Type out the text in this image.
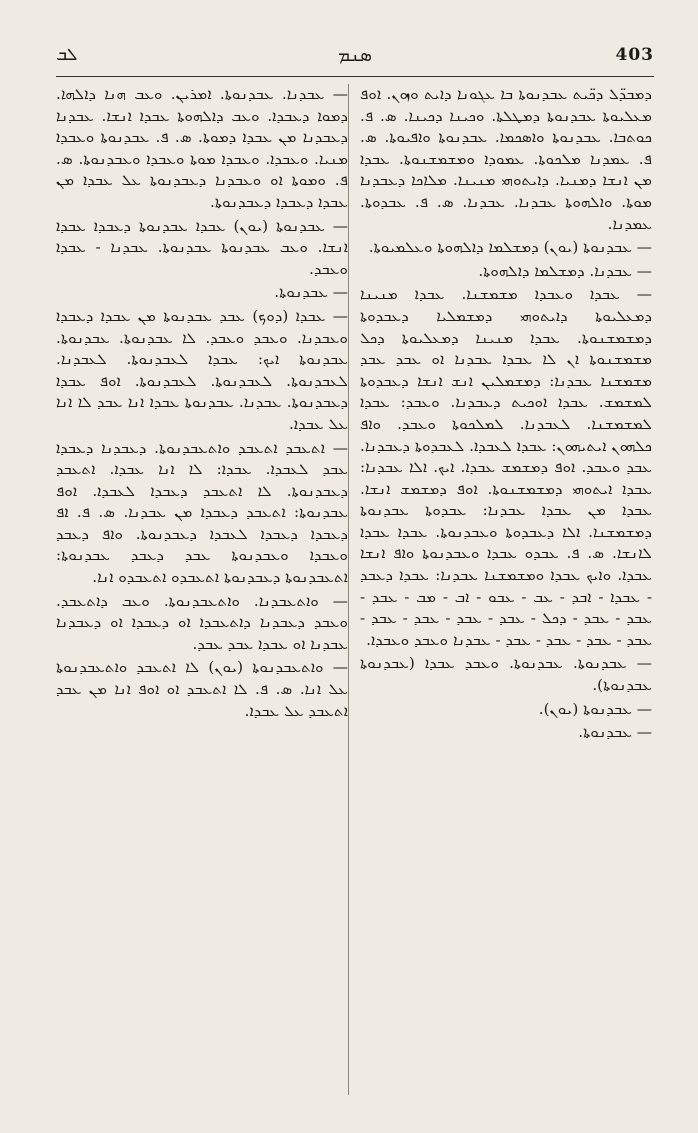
ܠܒ	ܣܢܡ	403

ܕܡܒܕ̈ܠ ܕܟ̈ܝܬ ܥܒܕܢܘܬܐ ܒܐ ܥܓܘܢܐ ܕܐܝܬ ܘܙܘܢ. ܐܘܦ ܡܥܠܝܘܬܐ ܥܒܕܢܘܬܐ ܕܡܛܠܬܐ. ܘܟܝܢܐ ܕܟܝܢܐ. ܣ. ܦ. ܟܘܬܒܐ. ܥܒܕܢܘܬܐ ܘܐܣܟܡܐ. ܥܒܕܢܘܬܐ ܘܐܦܝܘܬܐ. ܣ. ܦ. ܥܡܕܢܐ ܡܠܟܘܬܐ. ܥܡܘܕܐ ܘܡܫܡܫܢܘܬܐ. ܥܒܕܐ ܡܢ ܐܢܫܐ ܕܡܢܝܐ. ܕܐܝܬܘܗܝ ܡܢܝܢܐ. ܡܠܐܟܐ ܕܥܒܕܢܐ ܡܘܬܐ. ܘܐܠܗܘܬܐ ܥܒܕܢܐ. ܥܒܕܢܐ. ܣ. ܦ. ܥܒܕܘܬܐ. ܥܡܕܢܐ.

— ܥܒܕܢܘܬܐ (ܝܘܢ) ܕܡܫܠܡܐ ܕܐܠܗܘܬܐ ܘܥܠܡܝܘܬܐ.

— ܥܒܕܢܐ. ܕܡܫܠܡܐ ܕܐܠܗܘܬܐ.

— ܥܒܕܐ ܘܥܒܕܐ ܡܫܡܫܢܐ. ܥܒܕܐ ܡܢܝܢܐ ܕܡܥܠܝܘܬܐ ܕܐܝܬܘܗܝ ܕܡܫܡܠܝܐ ܕܥܒܕܘܬܐ ܕܡܫܡܫܢܘܬܐ. ܥܒܕܐ ܡܢܝܢܐ ܕܡܥܠܝܘܬܐ ܕܟܠ ܡܫܡܫܢܘܬܐ ܐܢ ܠܐ ܥܒܕܐ ܥܒܕܢܐ ܐܘ ܥܒܕ ܥܒܕ ܡܫܡܫܢܐ ܥܒܕܢܐ: ܕܡܫܡܠܝܢ ܐܢܫ ܐܢܫܐ ܕܥܒܕܘܬܐ ܠܡܫܡܫ. ܥܒܕܐ ܐܘܟܝܬ ܕܥܒܕܢܐ. ܘܥܒܕ: ܥܒܕܐ ܠܡܫܡܫܢܐ. ܠܥܒܕܢܐ. ܠܡܠܟܘܬܐ ܘܥܒܕ. ܘܐܦ ܟܠܗܘܢ ܐܝܬܝܗܘܢ: ܥܒܕܐ ܠܥܒܕܐ. ܠܥܒܕܘܬܐ ܕܥܒܕܢܐ. ܥܒܕ ܘܥܒܕ. ܐܘܦ ܕܡܫܡܫ ܥܒܕܐ. ܐܝܟ. ܐܠܐ ܥܒܕܢܐ: ܥܒܕܐ ܐܝܬܘܗܝ ܕܡܫܡܫܢܘܬܐ. ܐܘܦ ܕܡܫܡܫ ܐܢܫܐ. ܥܒܕܐ ܡܢ ܥܒܕܐ ܥܒܕܢܐ: ܥܒܕܘܬܐ ܥܒܕܢܘܬܐ ܕܡܫܡܫܢܐ. ܐܠܐ ܕܥܒܕܘܬܐ ܘܥܒܕܢܘܬܐ. ܥܒܕܐ ܥܒܕܐ ܠܐܢܫܐ. ܣ. ܦ. ܥܒܕܘ ܥܒܕܐ ܘܥܒܕܢܘܬܐ ܘܐܦ ܐܢܫܐ ܥܒܕܐ. ܘܐܝܟ ܥܒܕܐ ܘܡܫܡܫܢܐ ܥܒܕܢܐ: ܥܒܕܐ ܕܥܒܕ - ܥܒܕܐ - ܐܒܕ - ܥܒ - ܥܒܘ - ܐܒ - ܡܒ - ܥܒܕ - ܥܒܕ - ܥܒܕ - ܕܟܠ - ܥܒܕ - ܥܒܕ - ܥܒܕ - ܥܒܕ - ܥܒܕ - ܥܒܕ - ܥܒܕ - ܥܒܕ - ܥܒܕܢܐ ܘܥܒܕ ܘܥܒܕܐ.

— ܥܒܕܢܘܬܐ. ܥܒܕܢܘܬܐ. ܘܥܒܕ ܥܒܕܐ (ܥܒܕܢܘܬܐ ܥܒܕܢܘܬܐ).

— ܥܒܕܢܘܬܐ (ܝܘܢ).

— ܥܒܕܢܘܬܐ.

— ܥܒܕܢܐ. ܥܒܕܢܘܬܐ. ܐܡܪܝܢ. ܘܥܒ ܗܢܐ ܕܐܠܗܐ. ܕܡܘܐ ܕܥܒܕܐ. ܘܥܒ ܕܐܠܗܘܬܐ ܥܒܕܐ ܐܢܫܐ. ܥܒܕܢܐ ܕܥܒܕܢܐ ܡܢ ܥܒܕܐ ܕܡܘܬܐ. ܣ. ܦ. ܥܒܕܢܘܬܐ ܘܥܒܕܐ ܡܢܝܐ. ܘܥܒܕܐ. ܘܥܒܕܐ ܡܘܬܐ ܘܥܒܕܐ ܘܥܒܕܢܘܬܐ. ܣ. ܦ. ܘܡܘܬܐ ܐܘ ܘܥܒܕܢܐ ܕܥܒܕܢܘܬܐ ܥܠ ܥܒܕܐ ܡܢ ܥܒܕܐ ܕܥܒܕܐ ܕܥܒܕܢܘܬܐ.

— ܥܒܕܢܘܬܐ (ܝܘܢ) ܥܒܕܐ ܥܒܕܢܘܬܐ ܕܥܒܕܐ ܥܒܕܐ ܐܢܫܐ. ܘܥܒ ܥܒܕܢܘܬܐ ܥܒܕܢܘܬܐ. ܥܒܕܢܐ - ܥܒܕܐ ܘܥܒܕ.

— ܥܒܕܢܘܬܐ.

— ܥܒܕܐ (ܕܘܟ) ܥܒܕ ܥܒܕܢܘܬܐ ܡܢ ܥܒܕܐ ܕܥܒܕܐ ܘܥܒܕܢܐ. ܘܥܒܕ ܘܥܒܕ. ܠܐ ܥܒܕܢܘܬܐ. ܥܒܕܢܘܬܐ. ܥܒܕܢܘܬܐ ܐܝܟ: ܥܒܕܐ ܠܥܒܕܢܘܬܐ. ܠܥܒܕܢܐ. ܠܥܒܕܢܘܬܐ. ܠܥܒܕܢܘܬܐ. ܠܥܒܕܢܘܬܐ. ܐܘܦ ܥܒܕܐ ܕܥܒܕܢܘܬܐ. ܥܒܕܢܐ. ܥܒܕܢܘܬܐ ܥܒܕܐ ܐܢܐ ܥܒܕ ܠܐ ܐܢܐ ܥܠ ܥܒܕܐ.

— ܐܬܥܒܕ ܐܬܥܒܕ ܘܐܬܥܒܕܢܘܬܐ. ܕܥܒܕܢܐ ܕܥܒܕܐ ܥܒܕ ܠܥܒܕܐ. ܥܒܕܐ: ܠܐ ܐܢܐ ܥܒܕܐ. ܐܬܥܒܕ ܕܥܒܕܢܘܬܐ. ܠܐ ܐܬܥܒܕ ܕܥܒܕܐ ܠܥܒܕܐ. ܐܘܦ ܥܒܕܢܘܬܐ: ܐܬܥܒܕ ܕܥܒܕܐ ܡܢ ܥܒܕܢܐ. ܣ. ܦ. ܐܦ ܕܥܒܕܐ ܕܥܒܕܐ ܠܥܒܕܐ ܕܥܒܕܢܘܬܐ. ܘܐܦ ܕܥܒܕ ܘܥܒܕܐ ܘܥܒܕܢܘܬܐ ܥܒܕ ܕܥܒܕ ܥܒܕܢܘܬܐ: ܐܬܥܒܕܢܘܬܐ ܕܥܒܕܢܘܬܐ ܐܬܥܒܕܘ ܐܬܥܒܕܘ ܐܢܐ.

— ܘܐܬܥܒܕܢܐ. ܘܐܬܥܒܕܢܘܬܐ. ܘܥܒ ܕܐܬܥܒܕ. ܘܥܒܕ ܕܥܒܕܢܐ ܕܐܬܥܒܕܐ ܐܘ ܕܥܒܕܐ ܐܘ ܕܥܒܕܢܐ ܥܒܕܢܐ ܐܘ ܥܒܕܐ ܥܒܕ ܥܒܕ.

— ܘܐܬܥܒܕܢܘܬܐ (ܝܘܢ) ܠܐ ܐܬܥܒܕ ܘܐܬܥܒܕܢܘܬܐ ܥܠ ܐܢܐ. ܣ. ܦ. ܠܐ ܐܬܥܒܕ ܐܘ ܐܘܦ ܐܢܐ ܡܢ ܥܒܕ ܐܬܥܒܕ ܥܠ ܥܒܕܐ.
